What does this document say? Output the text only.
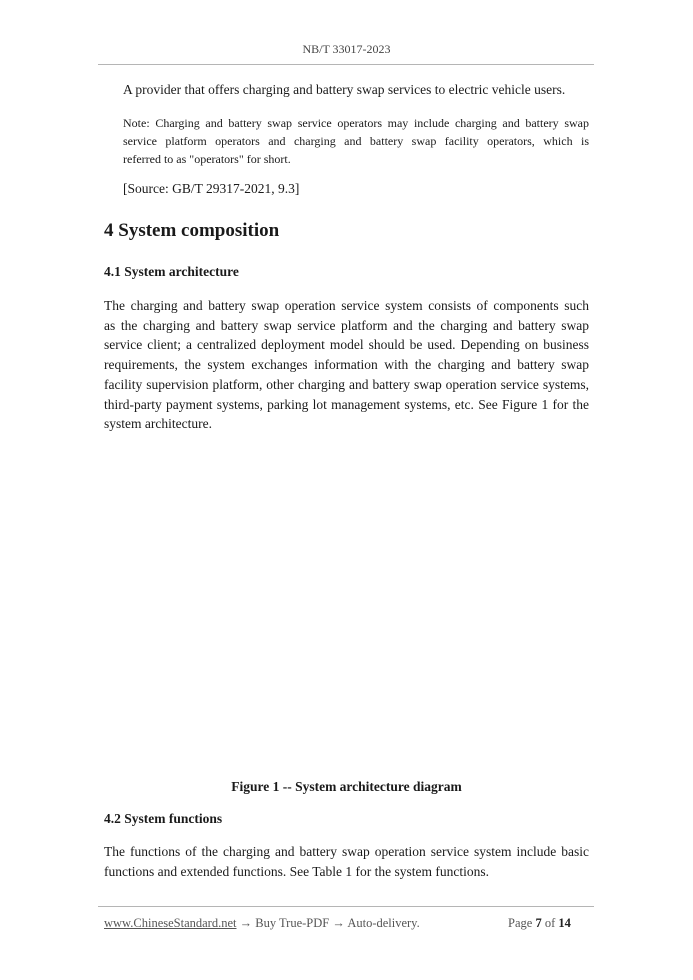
NB/T 33017-2023
A provider that offers charging and battery swap services to electric vehicle users.
Note: Charging and battery swap service operators may include charging and battery swap
service platform operators and charging and battery swap facility operators, which is
referred to as "operators" for short.
[Source: GB/T 29317-2021, 9.3]
4 System composition
4.1 System architecture
The charging and battery swap operation service system consists of components such
as the charging and battery swap service platform and the charging and battery swap
service client; a centralized deployment model should be used. Depending on business
requirements, the system exchanges information with the charging and battery swap
facility supervision platform, other charging and battery swap operation service systems,
third-party payment systems, parking lot management systems, etc. See Figure 1 for the
system architecture.
Figure 1 -- System architecture diagram
4.2 System functions
The functions of the charging and battery swap operation service system include basic
functions and extended functions. See Table 1 for the system functions.
www.ChineseStandard.net → Buy True-PDF → Auto-delivery.	Page 7 of 14
